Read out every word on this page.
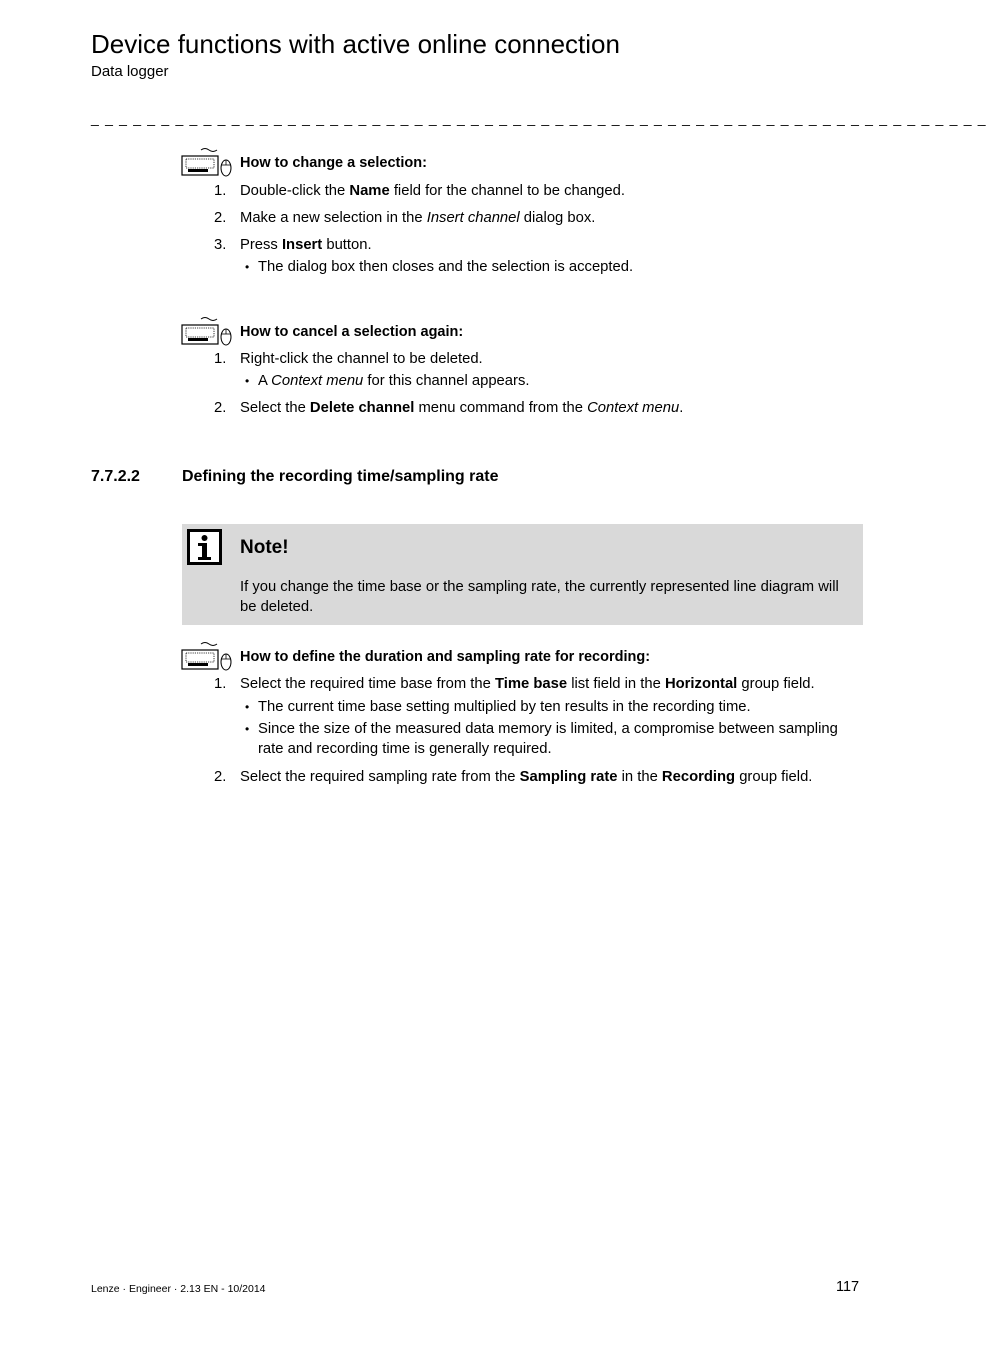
Device functions with active online connection
Data logger
_ _ _ _ _ _ _ _ _ _ _ _ _ _ _ _ _ _ _ _ _ _ _ _ _ _ _ _ _ _ _ _ _ _ _ _ _ _ _ _ _ _ _ _ _ _ _ _ _ _ _ _ _ _ _ _ _ _ _ _ _ _ _ _
How to change a selection:
1. Double-click the Name field for the channel to be changed.
2. Make a new selection in the Insert channel dialog box.
3. Press Insert button.
• The dialog box then closes and the selection is accepted.
How to cancel a selection again:
1. Right-click the channel to be deleted.
• A Context menu for this channel appears.
2. Select the Delete channel menu command from the Context menu.
7.7.2.2	Defining the recording time/sampling rate
Note!
If you change the time base or the sampling rate, the currently represented line diagram will be deleted.
How to define the duration and sampling rate for recording:
1. Select the required time base from the Time base list field in the Horizontal group field.
• The current time base setting multiplied by ten results in the recording time.
• Since the size of the measured data memory is limited, a compromise between sampling rate and recording time is generally required.
2. Select the required sampling rate from the Sampling rate in the Recording group field.
Lenze · Engineer · 2.13 EN - 10/2014	117
